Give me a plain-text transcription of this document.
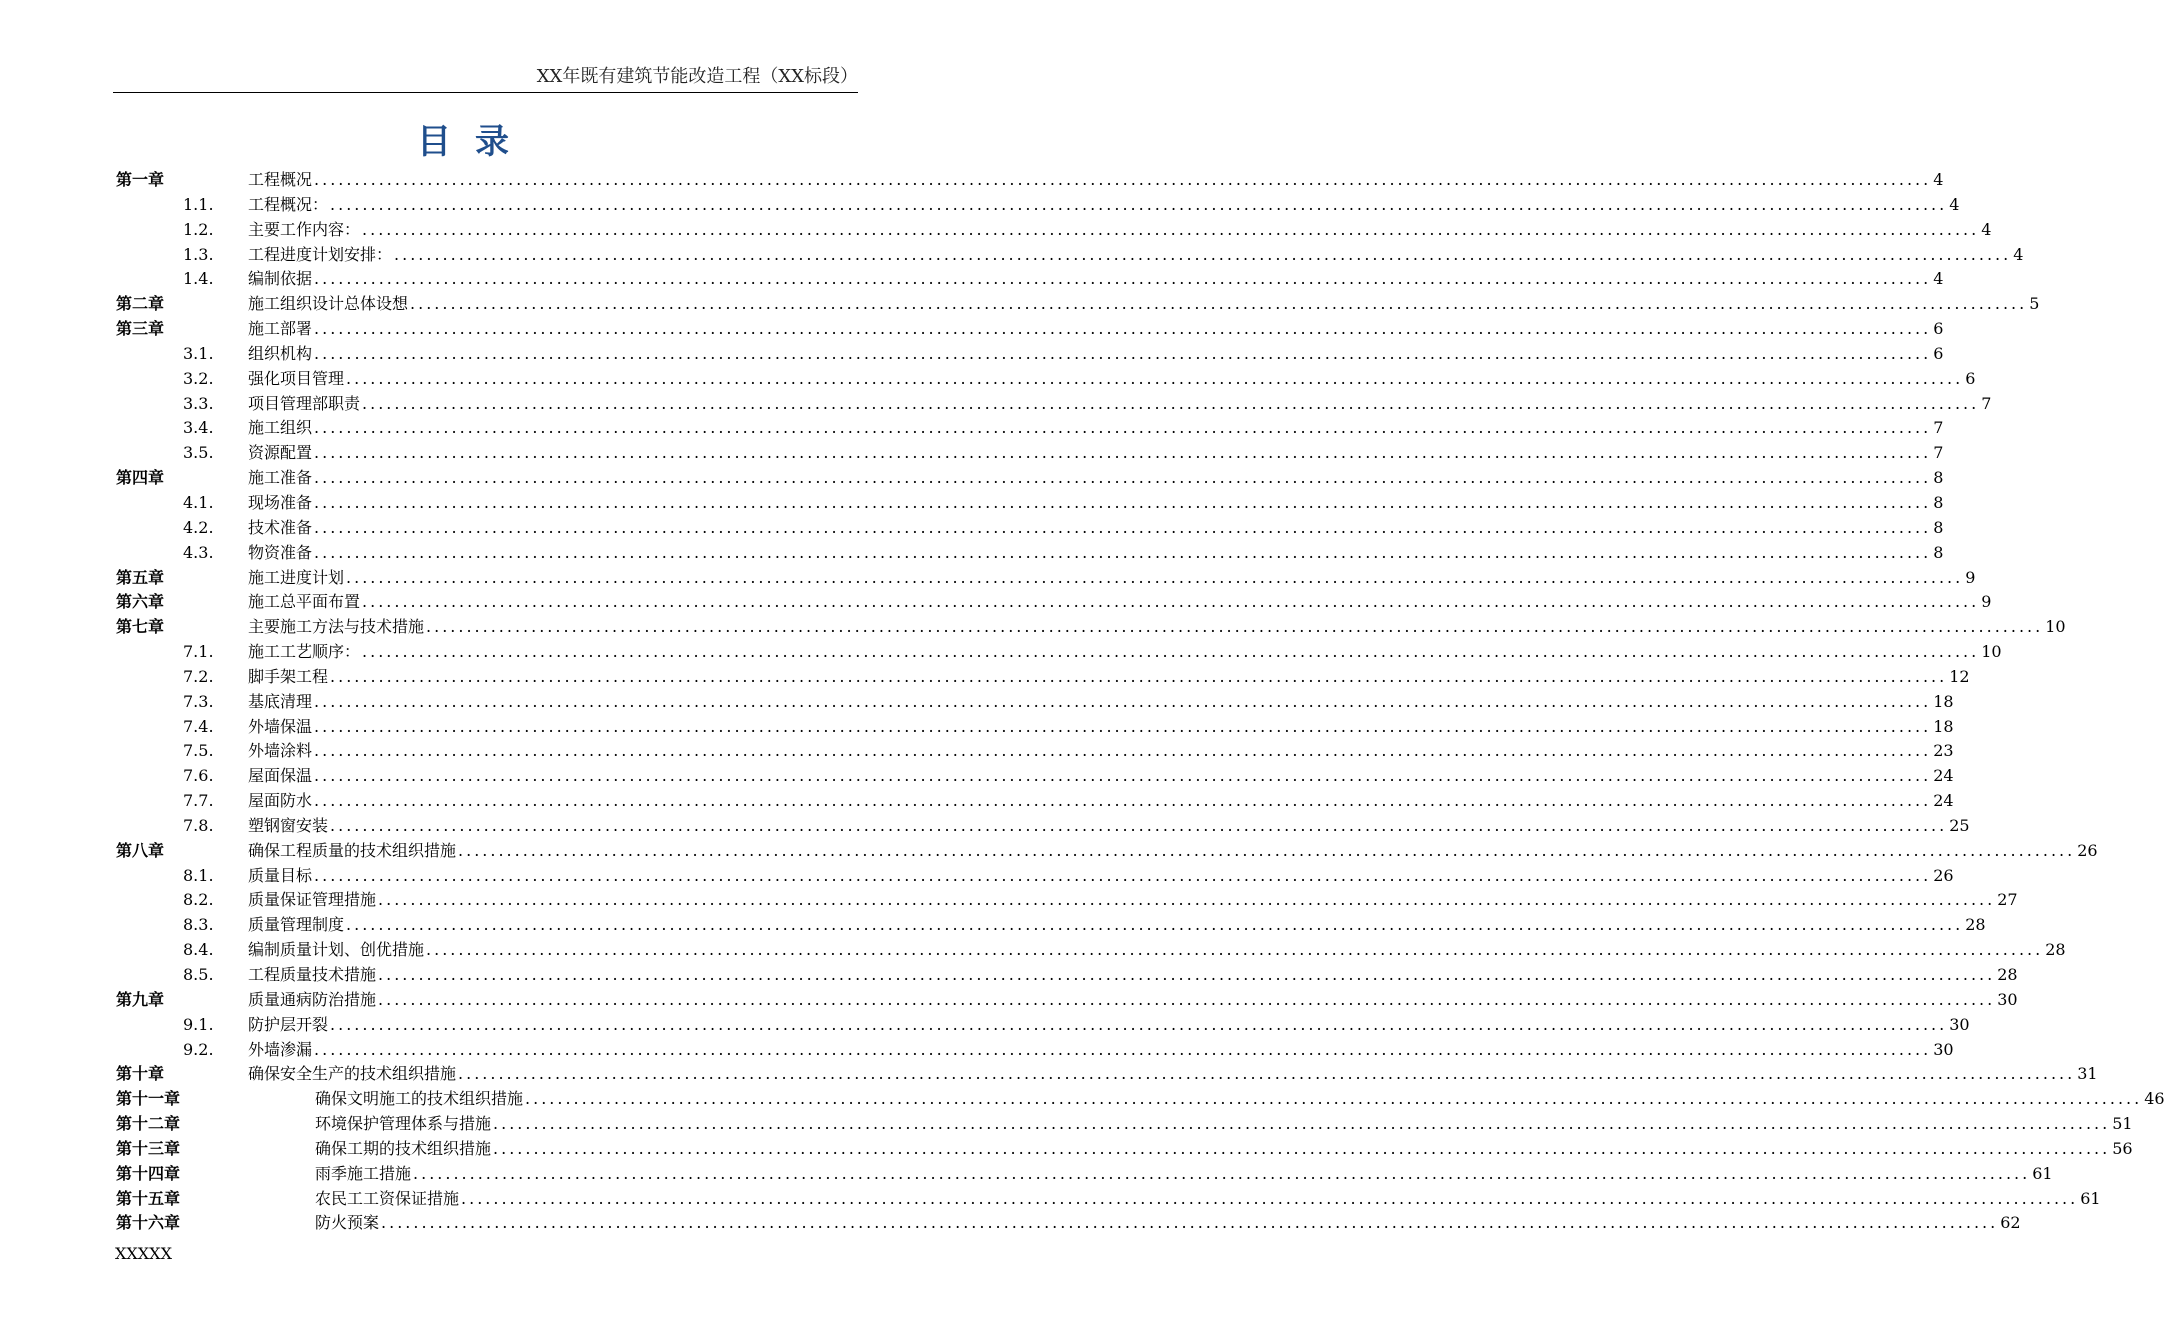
XX年既有建筑节能改造工程（XX标段）
目录
第一章	工程概况 ........................................................................................................................................................................................................ 4
1.1. 工程概况： ........................................................................................................................................................................................................ 4
1.2. 主要工作内容： ........................................................................................................................................................................................................ 4
1.3. 工程进度计划安排： ........................................................................................................................................................................................................ 4
1.4. 编制依据 ........................................................................................................................................................................................................ 4
第二章	施工组织设计总体设想 ........................................................................................................................................................................................................ 5
第三章	施工部署 ........................................................................................................................................................................................................ 6
3.1. 组织机构 ........................................................................................................................................................................................................ 6
3.2. 强化项目管理 ........................................................................................................................................................................................................ 6
3.3. 项目管理部职责 ........................................................................................................................................................................................................ 7
3.4. 施工组织 ........................................................................................................................................................................................................ 7
3.5. 资源配置 ........................................................................................................................................................................................................ 7
第四章	施工准备 ........................................................................................................................................................................................................ 8
4.1. 现场准备 ........................................................................................................................................................................................................ 8
4.2. 技术准备 ........................................................................................................................................................................................................ 8
4.3. 物资准备 ........................................................................................................................................................................................................ 8
第五章	施工进度计划 ........................................................................................................................................................................................................ 9
第六章	施工总平面布置 ........................................................................................................................................................................................................ 9
第七章	主要施工方法与技术措施 ........................................................................................................................................................................................................ 10
7.1. 施工工艺顺序： ........................................................................................................................................................................................................ 10
7.2. 脚手架工程 ........................................................................................................................................................................................................ 12
7.3. 基底清理 ........................................................................................................................................................................................................ 18
7.4. 外墙保温 ........................................................................................................................................................................................................ 18
7.5. 外墙涂料 ........................................................................................................................................................................................................ 23
7.6. 屋面保温 ........................................................................................................................................................................................................ 24
7.7. 屋面防水 ........................................................................................................................................................................................................ 24
7.8. 塑钢窗安装 ........................................................................................................................................................................................................ 25
第八章	确保工程质量的技术组织措施 ........................................................................................................................................................................................................ 26
8.1. 质量目标 ........................................................................................................................................................................................................ 26
8.2. 质量保证管理措施 ........................................................................................................................................................................................................ 27
8.3. 质量管理制度 ........................................................................................................................................................................................................ 28
8.4. 编制质量计划、创优措施 ........................................................................................................................................................................................................ 28
8.5. 工程质量技术措施 ........................................................................................................................................................................................................ 28
第九章	质量通病防治措施 ........................................................................................................................................................................................................ 30
9.1. 防护层开裂 ........................................................................................................................................................................................................ 30
9.2. 外墙渗漏 ........................................................................................................................................................................................................ 30
第十章	确保安全生产的技术组织措施 ........................................................................................................................................................................................................ 31
第十一章	确保文明施工的技术组织措施 ........................................................................................................................................................................................................ 46
第十二章	环境保护管理体系与措施 ........................................................................................................................................................................................................ 51
第十三章	确保工期的技术组织措施 ........................................................................................................................................................................................................ 56
第十四章	雨季施工措施 ........................................................................................................................................................................................................ 61
第十五章	农民工工资保证措施 ........................................................................................................................................................................................................ 61
第十六章	防火预案 ........................................................................................................................................................................................................ 62
XXXXX
